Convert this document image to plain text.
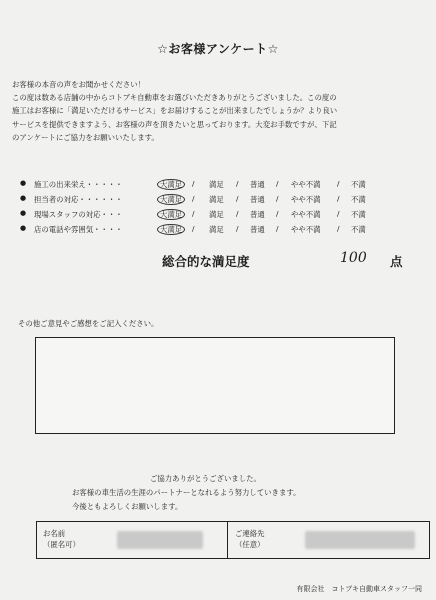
☆お客様アンケート☆
お客様の本音の声をお聞かせください！
この度は数ある店舗の中からコトブキ自動車をお選びいただきありがとうございました。この度の
施工はお客様に「満足いただけるサービス」をお届けすることが出来ましたでしょうか？より良い
サービスを提供できますよう、お客様の声を頂きたいと思っております。大変お手数ですが、下記
のアンケートにご協力をお願いいたします。
● 施工の出来栄え・・・・・	大満足	/ 満足 / 普通 / やや不満 / 不満
● 担当者の対応・・・・・・	大満足	/ 満足 / 普通 / やや不満 / 不満
● 現場スタッフの対応・・・	大満足	/ 満足 / 普通 / やや不満 / 不満
● 店の電話や雰囲気・・・・	大満足	/ 満足 / 普通 / やや不満 / 不満
総合的な満足度	100 点
その他ご意見やご感想をご記入ください。
ご協力ありがとうございました。
お客様の車生活の生涯のパートナーとなれるよう努力していきます。
今後ともよろしくお願いします。
お名前
（匿名可）
ご連絡先
（任意）
有限会社　コトブキ自動車スタッフ一同
